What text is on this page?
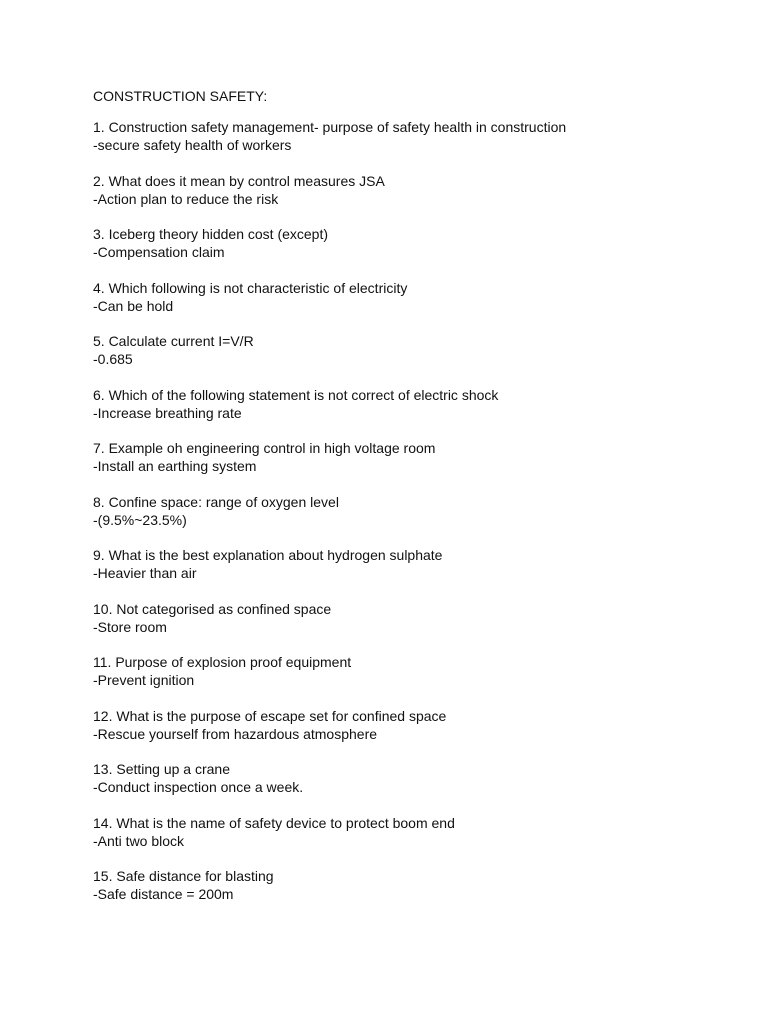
CONSTRUCTION SAFETY:
1. Construction safety management- purpose of safety health in construction
-secure safety health of workers
2. What does it mean by control measures JSA
-Action plan to reduce the risk
3. Iceberg theory hidden cost (except)
-Compensation claim
4. Which following is not characteristic of electricity
-Can be hold
5. Calculate current I=V/R
-0.685
6. Which of the following statement is not correct of electric shock
-Increase breathing rate
7. Example oh engineering control in high voltage room
-Install an earthing system
8. Confine space: range of oxygen level
-(9.5%~23.5%)
9. What is the best explanation about hydrogen sulphate
-Heavier than air
10. Not categorised as confined space
-Store room
11. Purpose of explosion proof equipment
-Prevent ignition
12. What is the purpose of escape set for confined space
-Rescue yourself from hazardous atmosphere
13. Setting up a crane
-Conduct inspection once a week.
14. What is the name of safety device to protect boom end
-Anti two block
15. Safe distance for blasting
-Safe distance = 200m
